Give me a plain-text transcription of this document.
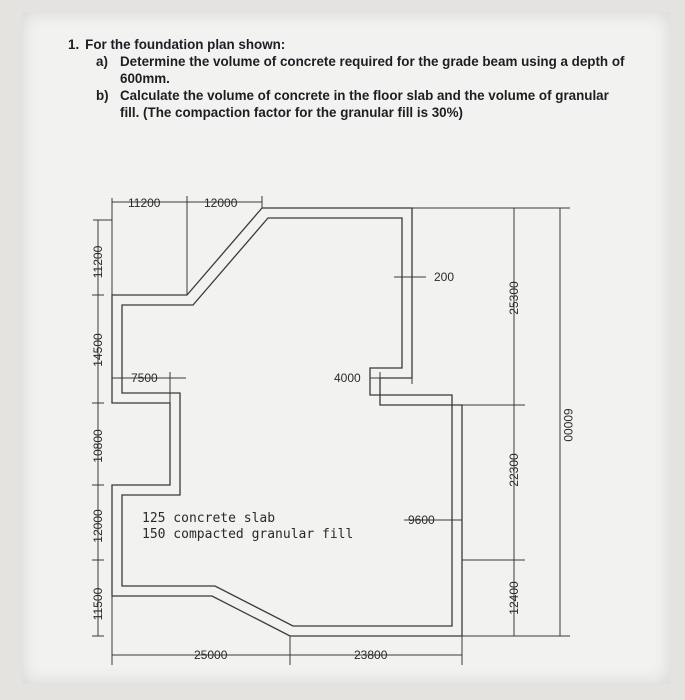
1. For the foundation plan shown:
a) Determine the volume of concrete required for the grade beam using a depth of 600mm.
b) Calculate the volume of concrete in the floor slab and the volume of granular fill. (The compaction factor for the granular fill is 30%)
11200	12000
200
7500	4000
9600
25000	23800
11200
14500
10800
12000
11500
25300
22300
12400
60000
125 concrete slab
150 compacted granular fill
